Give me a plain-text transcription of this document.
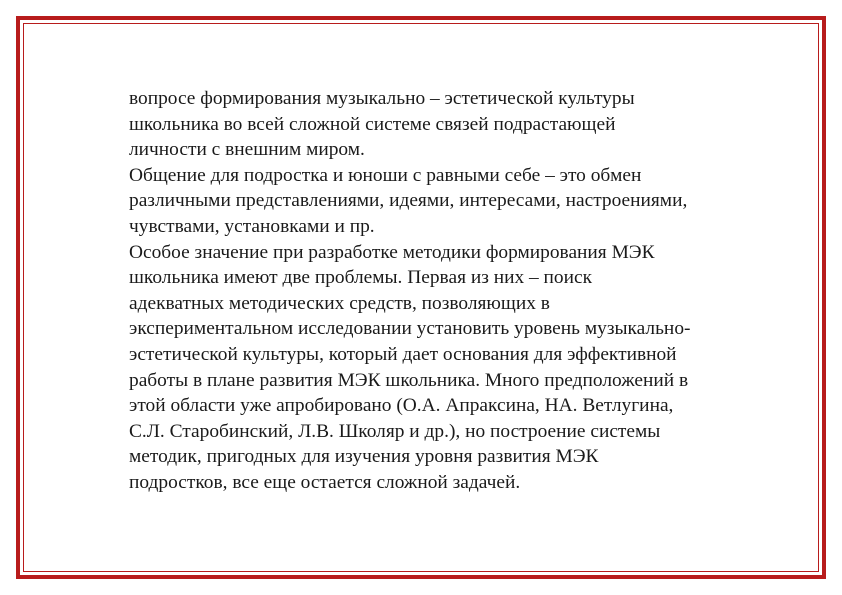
вопросе формирования музыкально – эстетической культуры
школьника во всей сложной системе связей подрастающей
личности с внешним миром.
Общение для подростка и юноши с равными себе – это обмен
различными представлениями, идеями, интересами, настроениями,
чувствами, установками и пр.
Особое значение при разработке методики формирования МЭК
школьника имеют две проблемы. Первая из них – поиск
адекватных методических средств, позволяющих в
экспериментальном исследовании установить уровень музыкально-
эстетической культуры, который дает основания для эффективной
работы в плане развития МЭК школьника. Много предположений в
этой области уже апробировано (О.А. Апраксина, НА. Ветлугина,
С.Л. Старобинский, Л.В. Школяр и др.), но построение системы
методик, пригодных для изучения уровня развития МЭК
подростков, все еще остается сложной задачей.
